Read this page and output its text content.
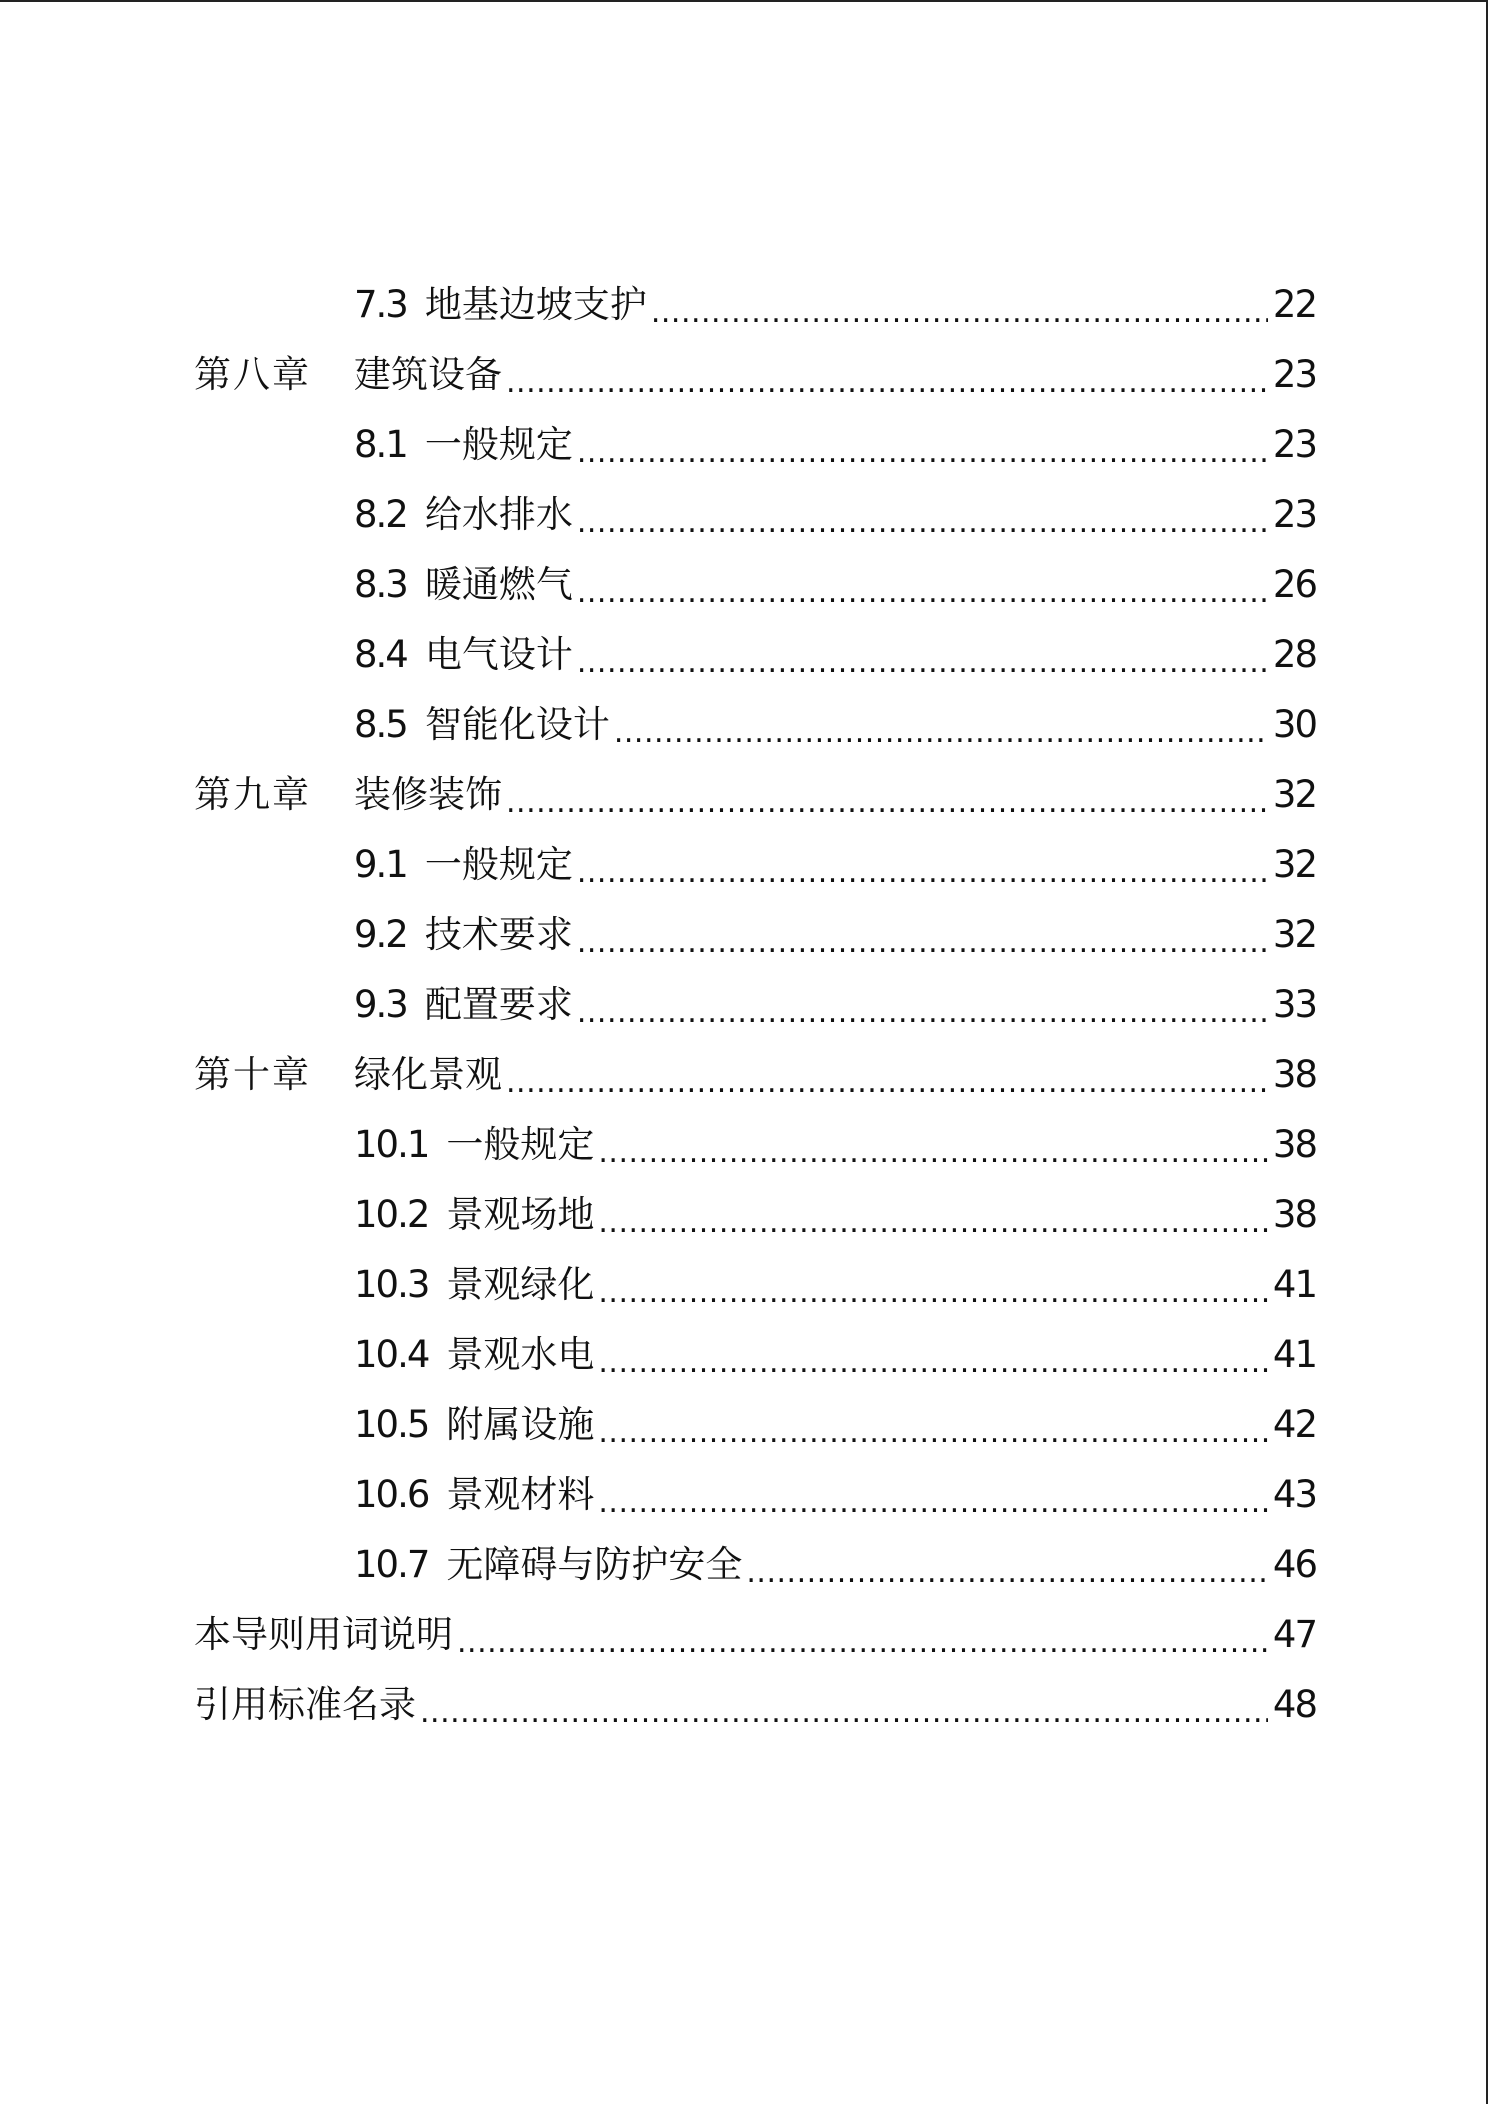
7.3 地基边坡支护 .....	22
第八章	建筑设备 .....	23
8.1 一般规定 .....	23
8.2 给水排水 .....	23
8.3 暖通燃气 .....	26
8.4 电气设计 .....	28
8.5 智能化设计 .....	30
第九章	装修装饰 .....	32
9.1 一般规定 .....	32
9.2 技术要求 .....	32
9.3 配置要求 .....	33
第十章	绿化景观 .....	38
10.1 一般规定 .....	38
10.2 景观场地 .....	38
10.3 景观绿化 .....	41
10.4 景观水电 .....	41
10.5 附属设施 .....	42
10.6 景观材料 .....	43
10.7 无障碍与防护安全 .....	46
本导则用词说明 .....	47
引用标准名录 .....	48
